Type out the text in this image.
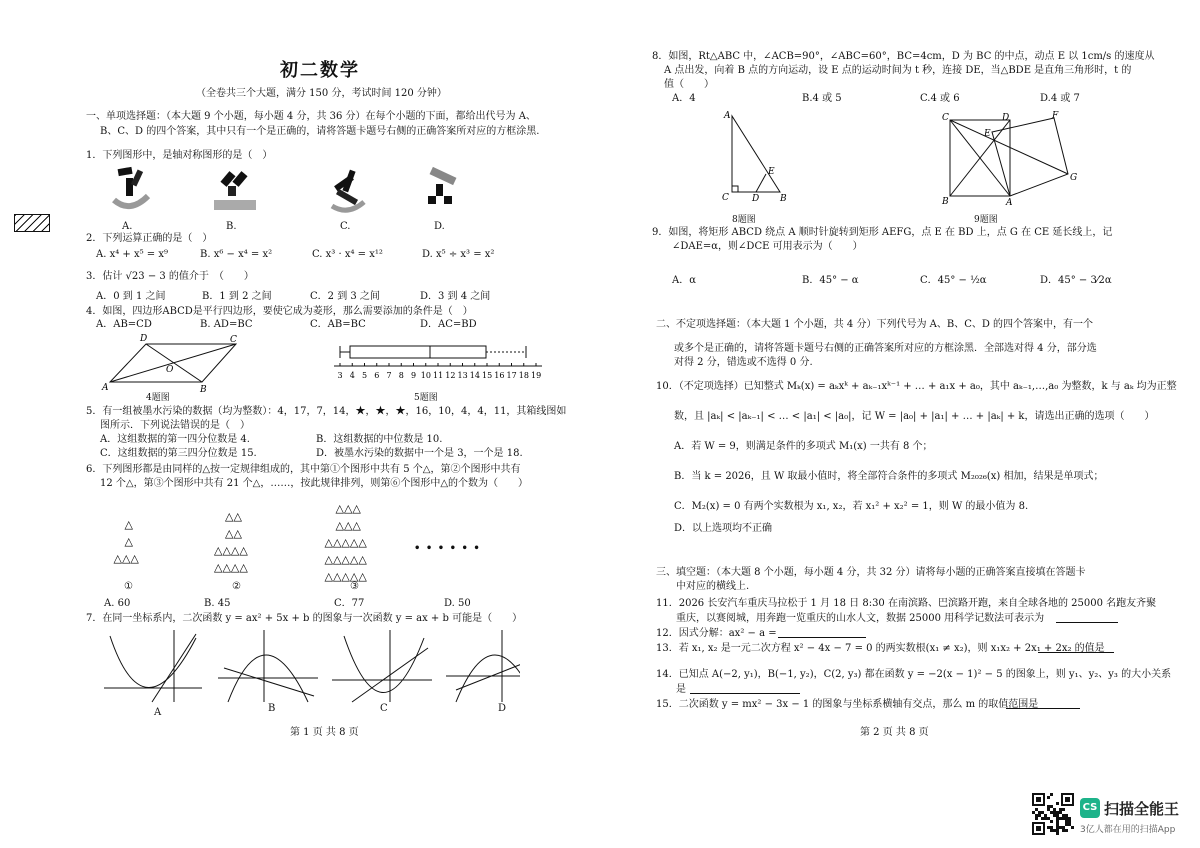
初二数学
（全卷共三个大题，满分 150 分，考试时间 120 分钟）
一、单项选择题：（本大题 9 个小题，每小题 4 分，共 36 分）在每个小题的下面，都给出代号为 A、
B、C、D 的四个答案，其中只有一个是正确的，请将答题卡题号右侧的正确答案所对应的方框涂黑.
1．下列图形中，是轴对称图形的是（　）
A.	B.	C.	D.
2．下列运算正确的是（　）
A. x⁴ + x⁵ = x⁹	B. x⁶ − x⁴ = x²	C. x³ · x⁴ = x¹²	D. x⁵ ÷ x³ = x²
3．估计 √23 − 3 的值介于　（　　）
A．0 到 1 之间	B．1 到 2 之间	C．2 到 3 之间	D．3 到 4 之间
4．如图，四边形ABCD是平行四边形，要使它成为菱形，那么需要添加的条件是（　）
A．AB=CD	B. AD=BC	C．AB=BC	D．AC=BD
D	C
A	B
O
4题图
3 4 5 6 7 8 9 10 11 12 13 14 15 16 17 18 19
5题图
5．有一组被墨水污染的数据（均为整数）：4，17，7，14，★，★，★，16，10，4，4，11，其箱线图如
图所示．下列说法错误的是（　）
A．这组数据的第一四分位数是 4.	B．这组数据的中位数是 10.
C．这组数据的第三四分位数是 15.	D．被墨水污染的数据中一个是 3，一个是 18.
6．下列图形都是由同样的△按一定规律组成的，其中第①个图形中共有 5 个△，第②个图形中共有
12 个△，第③个图形中共有 21 个△，……，按此规律排列，则第⑥个图形中△的个数为（　　）
△
△
△△△
△△
△△
△△△△
△△△△
△△△
△△△
△△△△△
△△△△△
△△△△△
①	②	③
• • • • • •
A. 60	B. 45	C．77	D. 50
7．在同一坐标系内，二次函数 y = ax² + 5x + b 的图象与一次函数 y = ax + b 可能是（　　）
A	B	C	D
第 1 页 共 8 页
8．如图，Rt△ABC 中，∠ACB=90°，∠ABC=60°，BC=4cm，D 为 BC 的中点，动点 E 以 1cm/s 的速度从
A 点出发，向着 B 点的方向运动，设 E 点的运动时间为 t 秒，连接 DE，当△BDE 是直角三角形时，t 的
值（　　）
A．4	B.4 或 5	C.4 或 6	D.4 或 7
A
E
C	D B
8题图
C	D	F
E
B	A
G
9题图
9．如图，将矩形 ABCD 绕点 A 顺时针旋转到矩形 AEFG，点 E 在 BD 上，点 G 在 CE 延长线上，记
∠DAE=α，则∠DCE 可用表示为（　　）
A．α	B．45° − α	C．45° − ½α	D．45° − 3⁄2α
二、不定项选择题：（本大题 1 个小题，共 4 分）下列代号为 A、B、C、D 的四个答案中，有一个
或多个是正确的，请将答题卡题号右侧的正确答案所对应的方框涂黑．全部选对得 4 分，部分选
对得 2 分，错选或不选得 0 分.
10．（不定项选择）已知整式 Mₖ(x) = aₖxᵏ + aₖ₋₁xᵏ⁻¹ + … + a₁x + a₀，其中 aₖ₋₁,…,a₀ 为整数，k 与 aₖ 均为正整
数，且 |aₖ| < |aₖ₋₁| < … < |a₁| < |a₀|，记 W = |a₀| + |a₁| + … + |aₖ| + k，请选出正确的选项（　　）
A．若 W = 9，则满足条件的多项式 M₁(x) 一共有 8 个；
B．当 k = 2026，且 W 取最小值时，将全部符合条件的多项式 M₂₀₂₆(x) 相加，结果是单项式；
C．M₂(x) = 0 有两个实数根为 x₁, x₂，若 x₁² + x₂² = 1，则 W 的最小值为 8.
D．以上选项均不正确
三、填空题：（本大题 8 个小题，每小题 4 分，共 32 分）请将每小题的正确答案直接填在答题卡
中对应的横线上.
11．2026 长安汽车重庆马拉松于 1 月 18 日 8:30 在南滨路、巴滨路开跑，来自全球各地的 25000 名跑友齐聚
重庆，以赛阅城，用奔跑一览重庆的山水人文，数据 25000 用科学记数法可表示为
12．因式分解：ax² − a =
13．若 x₁, x₂ 是一元二次方程 x² − 4x − 7 = 0 的两实数根(x₁ ≠ x₂)，则 x₁x₂ + 2x₁ + 2x₂ 的值是
14．已知点 A(−2, y₁)，B(−1, y₂)，C(2, y₃) 都在函数 y = −2(x − 1)² − 5 的图象上，则 y₁、y₂、y₃ 的大小关系
是
15．二次函数 y = mx² − 3x − 1 的图象与坐标系横轴有交点，那么 m 的取值范围是
第 2 页 共 8 页
CS 扫描全能王
3亿人都在用的扫描App
